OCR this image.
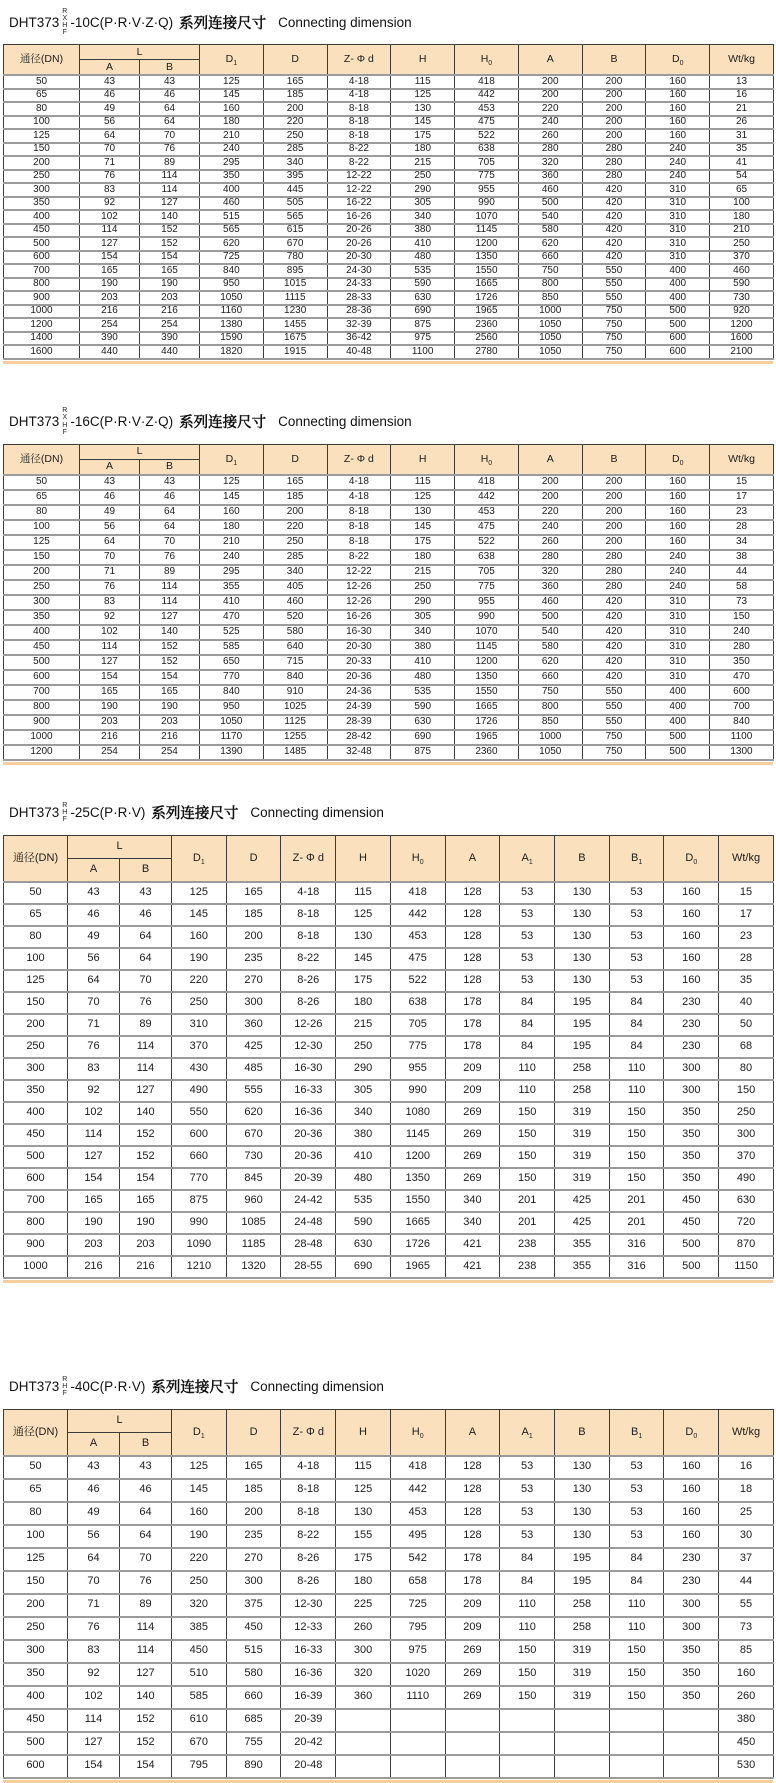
DHT373
R
X
H
F
-10C(P·R·V·Z·Q) 系列连接尺寸 Connecting dimension
通径(DN)	L		$D_1$	D	Z- Φ d	H	$H_0$	A	B	$D_0$	Wt/kg
	A	B									
50	43	43	125	165	4-18	115	418	200	200	160	13
65	46	46	145	185	4-18	125	442	200	200	160	16
80	49	64	160	200	8-18	130	453	220	200	160	21
100	56	64	180	220	8-18	145	475	240	200	160	26
125	64	70	210	250	8-18	175	522	260	200	160	31
150	70	76	240	285	8-22	180	638	280	280	240	35
200	71	89	295	340	8-22	215	705	320	280	240	41
250	76	114	350	395	12-22	250	775	360	280	240	54
300	83	114	400	445	12-22	290	955	460	420	310	65
350	92	127	460	505	16-22	305	990	500	420	310	100
400	102	140	515	565	16-26	340	1070	540	420	310	180
450	114	152	565	615	20-26	380	1145	580	420	310	210
500	127	152	620	670	20-26	410	1200	620	420	310	250
600	154	154	725	780	20-30	480	1350	660	420	310	370
700	165	165	840	895	24-30	535	1550	750	550	400	460
800	190	190	950	1015	24-33	590	1665	800	550	400	590
900	203	203	1050	1115	28-33	630	1726	850	550	400	730
1000	216	216	1160	1230	28-36	690	1965	1000	750	500	920
1200	254	254	1380	1455	32-39	875	2360	1050	750	500	1200
1400	390	390	1590	1675	36-42	975	2560	1050	750	600	1600
1600	440	440	1820	1915	40-48	1100	2780	1050	750	600	2100
DHT373
R
X
H
F
-16C(P·R·V·Z·Q) 系列连接尺寸 Connecting dimension
通径(DN)	L		$D_1$	D	Z- Φ d	H	$H_0$	A	B	$D_0$	Wt/kg
	A	B									
50	43	43	125	165	4-18	115	418	200	200	160	15
65	46	46	145	185	4-18	125	442	200	200	160	17
80	49	64	160	200	8-18	130	453	220	200	160	23
100	56	64	180	220	8-18	145	475	240	200	160	28
125	64	70	210	250	8-18	175	522	260	200	160	34
150	70	76	240	285	8-22	180	638	280	280	240	38
200	71	89	295	340	12-22	215	705	320	280	240	44
250	76	114	355	405	12-26	250	775	360	280	240	58
300	83	114	410	460	12-26	290	955	460	420	310	73
350	92	127	470	520	16-26	305	990	500	420	310	150
400	102	140	525	580	16-30	340	1070	540	420	310	240
450	114	152	585	640	20-30	380	1145	580	420	310	280
500	127	152	650	715	20-33	410	1200	620	420	310	350
600	154	154	770	840	20-36	480	1350	660	420	310	470
700	165	165	840	910	24-36	535	1550	750	550	400	600
800	190	190	950	1025	24-39	590	1665	800	550	400	700
900	203	203	1050	1125	28-39	630	1726	850	550	400	840
1000	216	216	1170	1255	28-42	690	1965	1000	750	500	1100
1200	254	254	1390	1485	32-48	875	2360	1050	750	500	1300
DHT373 R
H
F -25C(P·R·V) 系列连接尺寸 Connecting dimension
通径(DN)	L		$D_1$	D	Z- Φ d	H	$H_0$	A	$A_1$	B	$B_1$	$D_0$	Wt/kg
	A	B											
50	43	43	125	165	4-18	115	418	128	53	130	53	160	15
65	46	46	145	185	8-18	125	442	128	53	130	53	160	17
80	49	64	160	200	8-18	130	453	128	53	130	53	160	23
100	56	64	190	235	8-22	145	475	128	53	130	53	160	28
125	64	70	220	270	8-26	175	522	128	53	130	53	160	35
150	70	76	250	300	8-26	180	638	178	84	195	84	230	40
200	71	89	310	360	12-26	215	705	178	84	195	84	230	50
250	76	114	370	425	12-30	250	775	178	84	195	84	230	68
300	83	114	430	485	16-30	290	955	209	110	258	110	300	80
350	92	127	490	555	16-33	305	990	209	110	258	110	300	150
400	102	140	550	620	16-36	340	1080	269	150	319	150	350	250
450	114	152	600	670	20-36	380	1145	269	150	319	150	350	300
500	127	152	660	730	20-36	410	1200	269	150	319	150	350	370
600	154	154	770	845	20-39	480	1350	269	150	319	150	350	490
700	165	165	875	960	24-42	535	1550	340	201	425	201	450	630
800	190	190	990	1085	24-48	590	1665	340	201	425	201	450	720
900	203	203	1090	1185	28-48	630	1726	421	238	355	316	500	870
1000	216	216	1210	1320	28-55	690	1965	421	238	355	316	500	1150
DHT373 R
H
F -40C(P·R·V) 系列连接尺寸 Connecting dimension
通径(DN)	L		$D_1$	D	Z- Φ d	H	$H_0$	A	$A_1$	B	$B_1$	$D_0$	Wt/kg
	A	B											
50	43	43	125	165	4-18	115	418	128	53	130	53	160	16
65	46	46	145	185	8-18	125	442	128	53	130	53	160	18
80	49	64	160	200	8-18	130	453	128	53	130	53	160	25
100	56	64	190	235	8-22	155	495	128	53	130	53	160	30
125	64	70	220	270	8-26	175	542	178	84	195	84	230	37
150	70	76	250	300	8-26	180	658	178	84	195	84	230	44
200	71	89	320	375	12-30	225	725	209	110	258	110	300	55
250	76	114	385	450	12-33	260	795	209	110	258	110	300	73
300	83	114	450	515	16-33	300	975	269	150	319	150	350	85
350	92	127	510	580	16-36	320	1020	269	150	319	150	350	160
400	102	140	585	660	16-39	360	1110	269	150	319	150	350	260
450	114	152	610	685	20-39								380
500	127	152	670	755	20-42								450
600	154	154	795	890	20-48								530
